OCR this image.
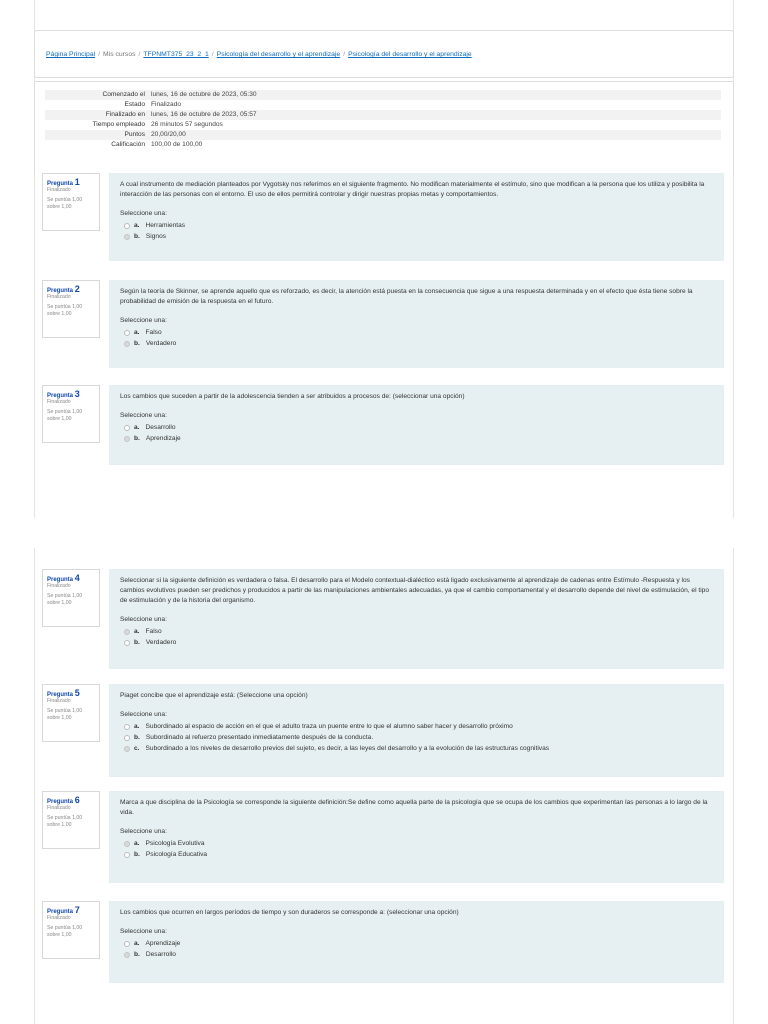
Página Principal / Mis cursos / TFPNMT375_23_2_1 / Psicología del desarrollo y el aprendizaje / Psicología del desarrollo y el aprendizaje
Comenzado el	lunes, 16 de octubre de 2023, 05:30
Estado	Finalizado
Finalizado en	lunes, 16 de octubre de 2023, 05:57
Tiempo empleado	26 minutos 57 segundos
Puntos	20,00/20,00
Calificación	100,00 de 100,00
Pregunta 1
Finalizado
Se puntúa 1,00
sobre 1,00
A cual instrumento de mediación planteados por Vygotsky nos referimos en el siguiente fragmento. No modifican materialmente el estímulo, sino que modifican a la persona que los utiliza y posibilita la interacción de las personas con el entorno. El uso de ellos permitirá controlar y dirigir nuestras propias metas y comportamientos.
Seleccione una:
a. Herramientas
b. Signos
Pregunta 2
Finalizado
Se puntúa 1,00
sobre 1,00
Según la teoría de Skinner, se aprende aquello que es reforzado, es decir, la atención está puesta en la consecuencia que sigue a una respuesta determinada y en el efecto que ésta tiene sobre la probabilidad de emisión de la respuesta en el futuro.
Seleccione una:
a. Falso
b. Verdadero
Pregunta 3
Finalizado
Se puntúa 1,00
sobre 1,00
Los cambios que suceden a partir de la adolescencia tienden a ser atribuidos a procesos de: (seleccionar una opción)
Seleccione una:
a. Desarrollo
b. Aprendizaje
Pregunta 4
Finalizado
Se puntúa 1,00
sobre 1,00
Seleccionar si la siguiente definición es verdadera o falsa. El desarrollo para el Modelo contextual-dialéctico está ligado exclusivamente al aprendizaje de cadenas entre Estímulo -Respuesta y los cambios evolutivos pueden ser predichos y producidos a partir de las manipulaciones ambientales adecuadas, ya que el cambio comportamental y el desarrollo depende del nivel de estimulación, el tipo de estimulación y de la historia del organismo.
Seleccione una:
a. Falso
b. Verdadero
Pregunta 5
Finalizado
Se puntúa 1,00
sobre 1,00
Piaget concibe que el aprendizaje está: (Seleccione una opción)
Seleccione una:
a. Subordinado al espacio de acción en el que el adulto traza un puente entre lo que el alumno saber hacer y desarrollo próximo
b. Subordinado al refuerzo presentado inmediatamente después de la conducta.
c. Subordinado a los niveles de desarrollo previos del sujeto, es decir, a las leyes del desarrollo y a la evolución de las estructuras cognitivas
Pregunta 6
Finalizado
Se puntúa 1,00
sobre 1,00
Marca a que disciplina de la Psicología se corresponde la siguiente definición:Se define como aquella parte de la psicología que se ocupa de los cambios que experimentan las personas a lo largo de la vida.
Seleccione una:
a. Psicología Evolutiva
b. Psicología Educativa
Pregunta 7
Finalizado
Se puntúa 1,00
sobre 1,00
Los cambios que ocurren en largos períodos de tiempo y son duraderos se corresponde a: (seleccionar una opción)
Seleccione una:
a. Aprendizaje
b. Desarrollo
